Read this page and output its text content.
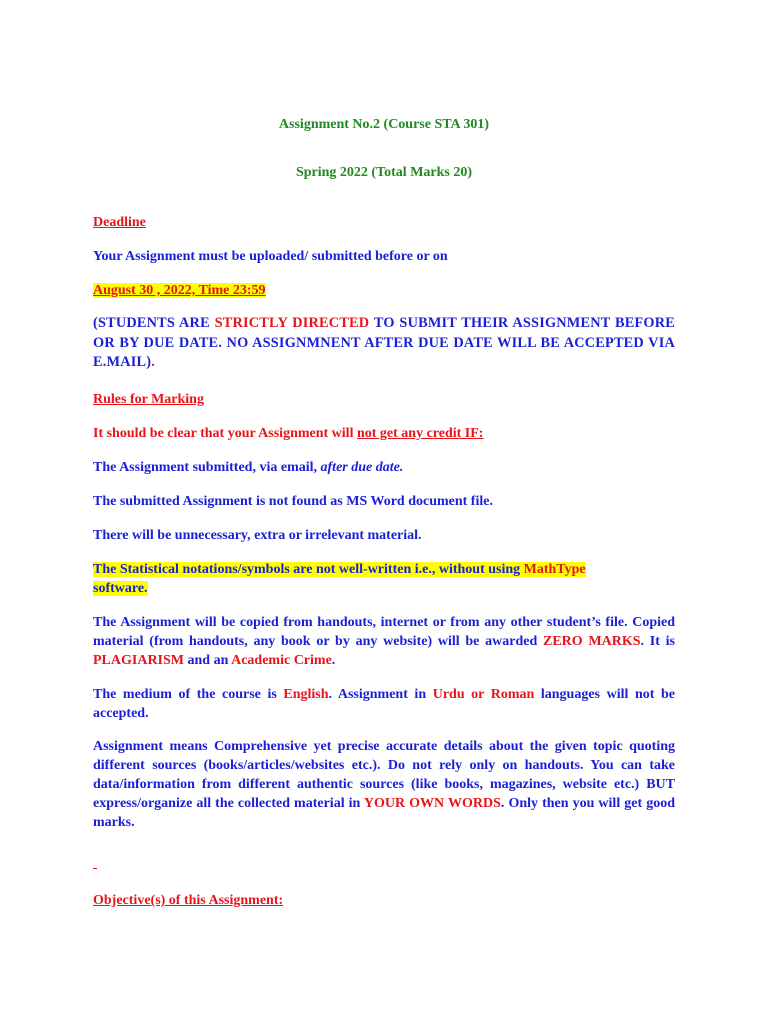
Assignment No.2 (Course STA 301)

Spring 2022 (Total Marks 20)

Deadline

Your Assignment must be uploaded/ submitted before or on

August 30 , 2022, Time 23:59

(STUDENTS ARE STRICTLY DIRECTED TO SUBMIT THEIR ASSIGNMENT BEFORE OR BY DUE DATE. NO ASSIGNMNENT AFTER DUE DATE WILL BE ACCEPTED VIA E.MAIL).

Rules for Marking

It should be clear that your Assignment will not get any credit IF:

The Assignment submitted, via email, after due date.

The submitted Assignment is not found as MS Word document file.

There will be unnecessary, extra or irrelevant material.

The Statistical notations/symbols are not well-written i.e., without using MathType
software.

The Assignment will be copied from handouts, internet or from any other student’s file. Copied material (from handouts, any book or by any website) will be awarded ZERO MARKS. It is PLAGIARISM and an Academic Crime.

The medium of the course is English. Assignment in Urdu or Roman languages will not be accepted.

Assignment means Comprehensive yet precise accurate details about the given topic quoting different sources (books/articles/websites etc.). Do not rely only on handouts. You can take data/information from different authentic sources (like books, magazines, website etc.) BUT express/organize all the collected material in YOUR OWN WORDS. Only then you will get good marks.

Objective(s) of this Assignment:
